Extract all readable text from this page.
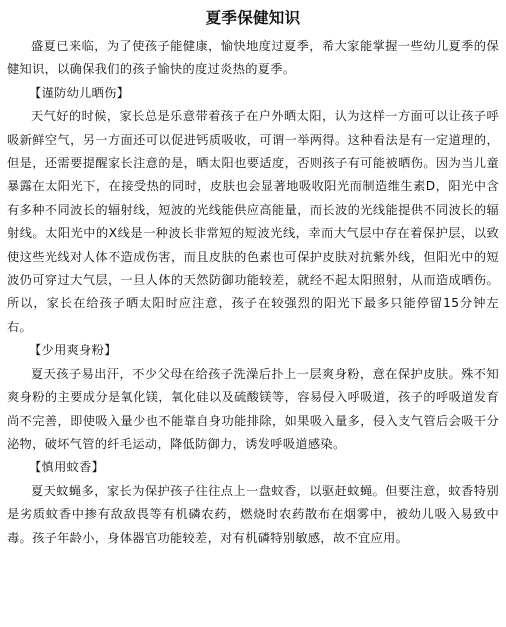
夏季保健知识

盛夏已来临，为了使孩子能健康，愉快地度过夏季，希大家能掌握一些幼儿夏季的保健知识，以确保我们的孩子愉快的度过炎热的夏季。

【谨防幼儿晒伤】

天气好的时候，家长总是乐意带着孩子在户外晒太阳，认为这样一方面可以让孩子呼吸新鲜空气，另一方面还可以促进钙质吸收，可谓一举两得。这种看法是有一定道理的，但是，还需要提醒家长注意的是，晒太阳也要适度，否则孩子有可能被晒伤。因为当儿童暴露在太阳光下，在接受热的同时，皮肤也会显著地吸收阳光而制造维生素D，阳光中含有多种不同波长的辐射线，短波的光线能供应高能量，而长波的光线能提供不同波长的辐射线。太阳光中的X线是一种波长非常短的短波光线，幸而大气层中存在着保护层，以致使这些光线对人体不造成伤害，而且皮肤的色素也可保护皮肤对抗紫外线，但阳光中的短波仍可穿过大气层，一旦人体的天然防御功能较差，就经不起太阳照射，从而造成晒伤。所以，家长在给孩子晒太阳时应注意，孩子在较强烈的阳光下最多只能停留15分钟左右。

【少用爽身粉】

夏天孩子易出汗，不少父母在给孩子洗澡后扑上一层爽身粉，意在保护皮肤。殊不知爽身粉的主要成分是氧化镁，氧化硅以及硫酸镁等，容易侵入呼吸道，孩子的呼吸道发育尚不完善，即使吸入量少也不能靠自身功能排除，如果吸入量多，侵入支气管后会吸干分泌物，破坏气管的纤毛运动，降低防御力，诱发呼吸道感染。

【慎用蚊香】

夏天蚊蝇多，家长为保护孩子往往点上一盘蚊香，以驱赶蚊蝇。但要注意，蚊香特别是劣质蚊香中掺有敌敌畏等有机磷农药，燃烧时农药散布在烟雾中，被幼儿吸入易致中毒。孩子年龄小，身体器官功能较差，对有机磷特别敏感，故不宜应用。
